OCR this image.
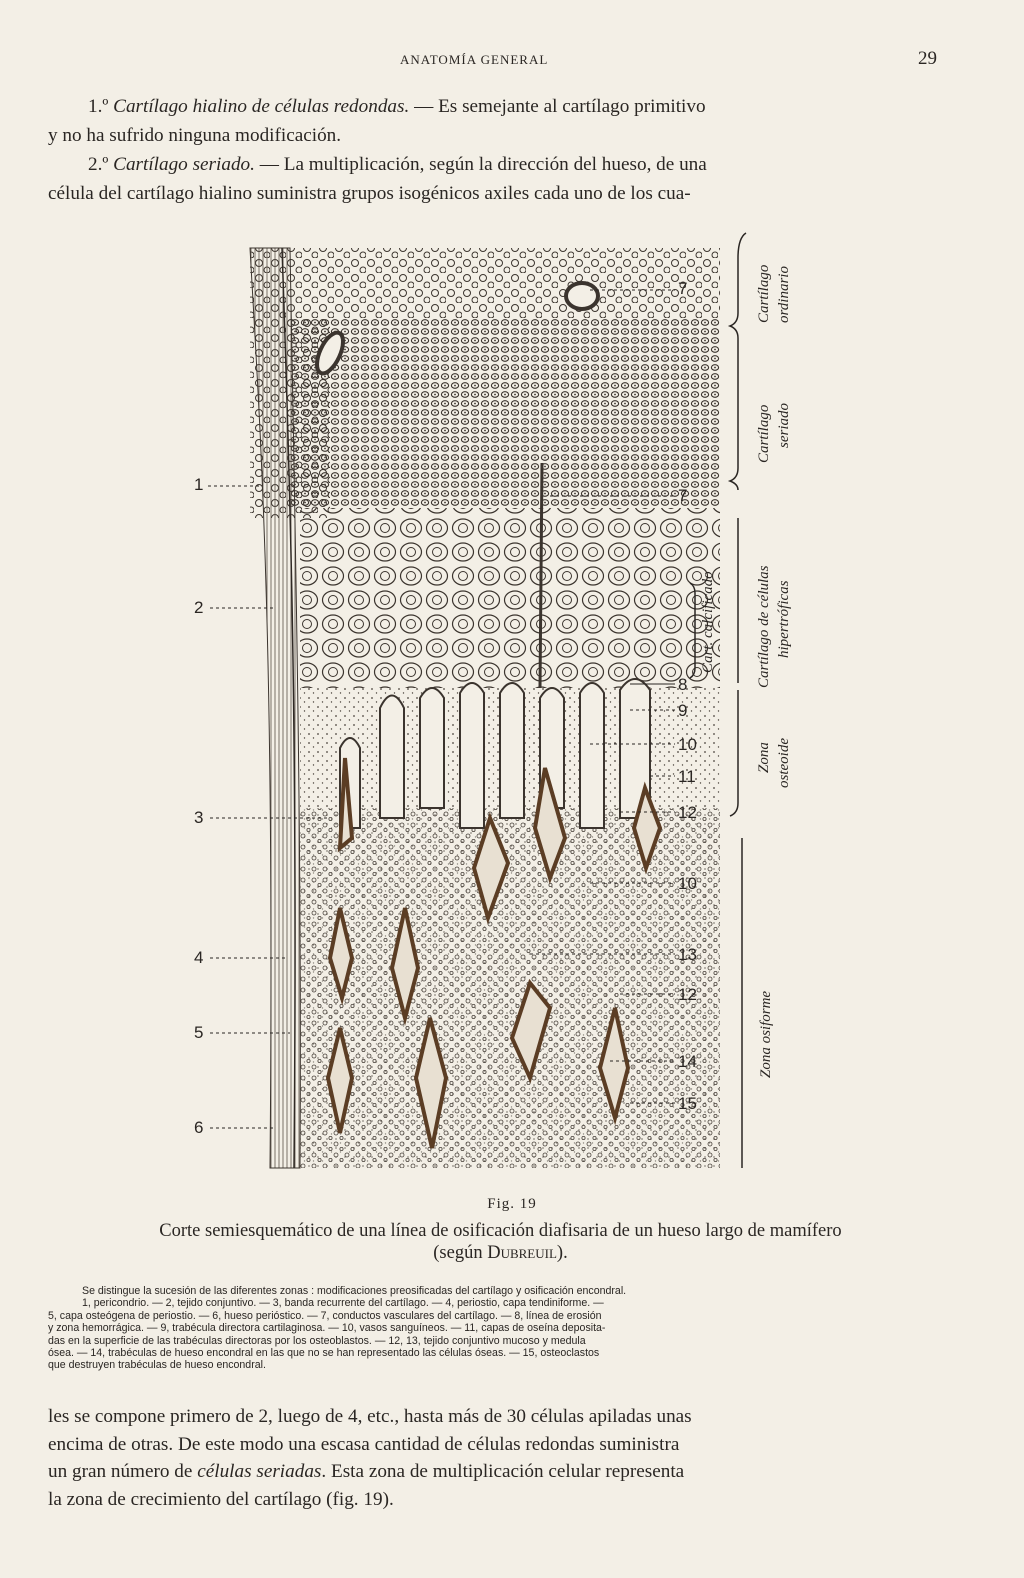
ANATOMÍA GENERAL	29
1.º Cartílago hialino de células redondas. — Es semejante al cartílago primitivo
y no ha sufrido ninguna modificación.
2.º Cartílago seriado. — La multiplicación, según la dirección del hueso, de una
célula del cartílago hialino suministra grupos isogénicos axiles cada uno de los cua-
1
2
3
4
5
6
7
7
8
9
10
11
12
10
13
12
14
15
Cartílago ordinario
Cartílago seriado
Cartílago de células hipertróficas
Cart. calcificado
Zona osteoide
Zona osiforme
Fig. 19
Corte semiesquemático de una línea de osificación diafisaria de un hueso largo de mamífero
(según Dubreuil).
Se distingue la sucesión de las diferentes zonas : modificaciones preosificadas del cartílago y osificación encondral.
1, pericondrio. — 2, tejido conjuntivo. — 3, banda recurrente del cartílago. — 4, periostio, capa tendiniforme. —
5, capa osteógena de periostio. — 6, hueso perióstico. — 7, conductos vasculares del cartílago. — 8, línea de erosión
y zona hemorrágica. — 9, trabécula directora cartilaginosa. — 10, vasos sanguíneos. — 11, capas de oseína deposita-
das en la superficie de las trabéculas directoras por los osteoblastos. — 12, 13, tejido conjuntivo mucoso y medula
ósea. — 14, trabéculas de hueso encondral en las que no se han representado las células óseas. — 15, osteoclastos
que destruyen trabéculas de hueso encondral.
les se compone primero de 2, luego de 4, etc., hasta más de 30 células apiladas unas
encima de otras. De este modo una escasa cantidad de células redondas suministra
un gran número de células seriadas. Esta zona de multiplicación celular representa
la zona de crecimiento del cartílago (fig. 19).
